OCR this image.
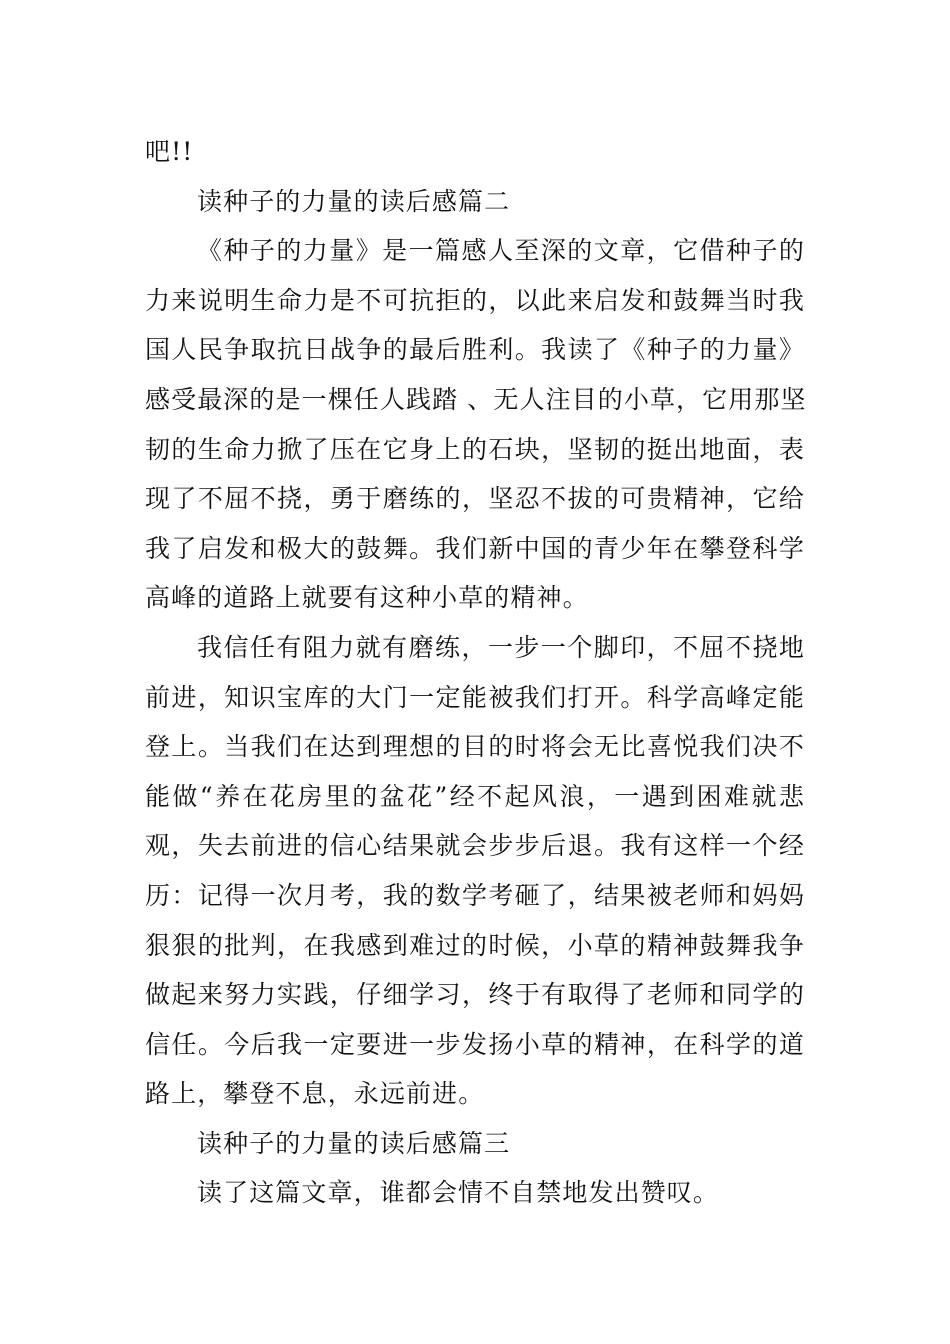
吧!!
读种子的力量的读后感篇二
《种子的力量》是一篇感人至深的文章，它借种子的
力来说明生命力是不可抗拒的，以此来启发和鼓舞当时我
国人民争取抗日战争的最后胜利。我读了《种子的力量》
感受最深的是一棵任人践踏 、无人注目的小草，它用那坚
韧的生命力掀了压在它身上的石块，坚韧的挺出地面，表
现了不屈不挠，勇于磨练的，坚忍不拔的可贵精神，它给
我了启发和极大的鼓舞。我们新中国的青少年在攀登科学
高峰的道路上就要有这种小草的精神。
我信任有阻力就有磨练，一步一个脚印，不屈不挠地
前进，知识宝库的大门一定能被我们打开。科学高峰定能
登上。当我们在达到理想的目的时将会无比喜悦我们决不
能做“养在花房里的盆花”经不起风浪，一遇到困难就悲
观，失去前进的信心结果就会步步后退。我有这样一个经
历：记得一次月考，我的数学考砸了，结果被老师和妈妈
狠狠的批判，在我感到难过的时候，小草的精神鼓舞我争
做起来努力实践，仔细学习，终于有取得了老师和同学的
信任。今后我一定要进一步发扬小草的精神，在科学的道
路上，攀登不息，永远前进。
读种子的力量的读后感篇三
读了这篇文章，谁都会情不自禁地发出赞叹。
